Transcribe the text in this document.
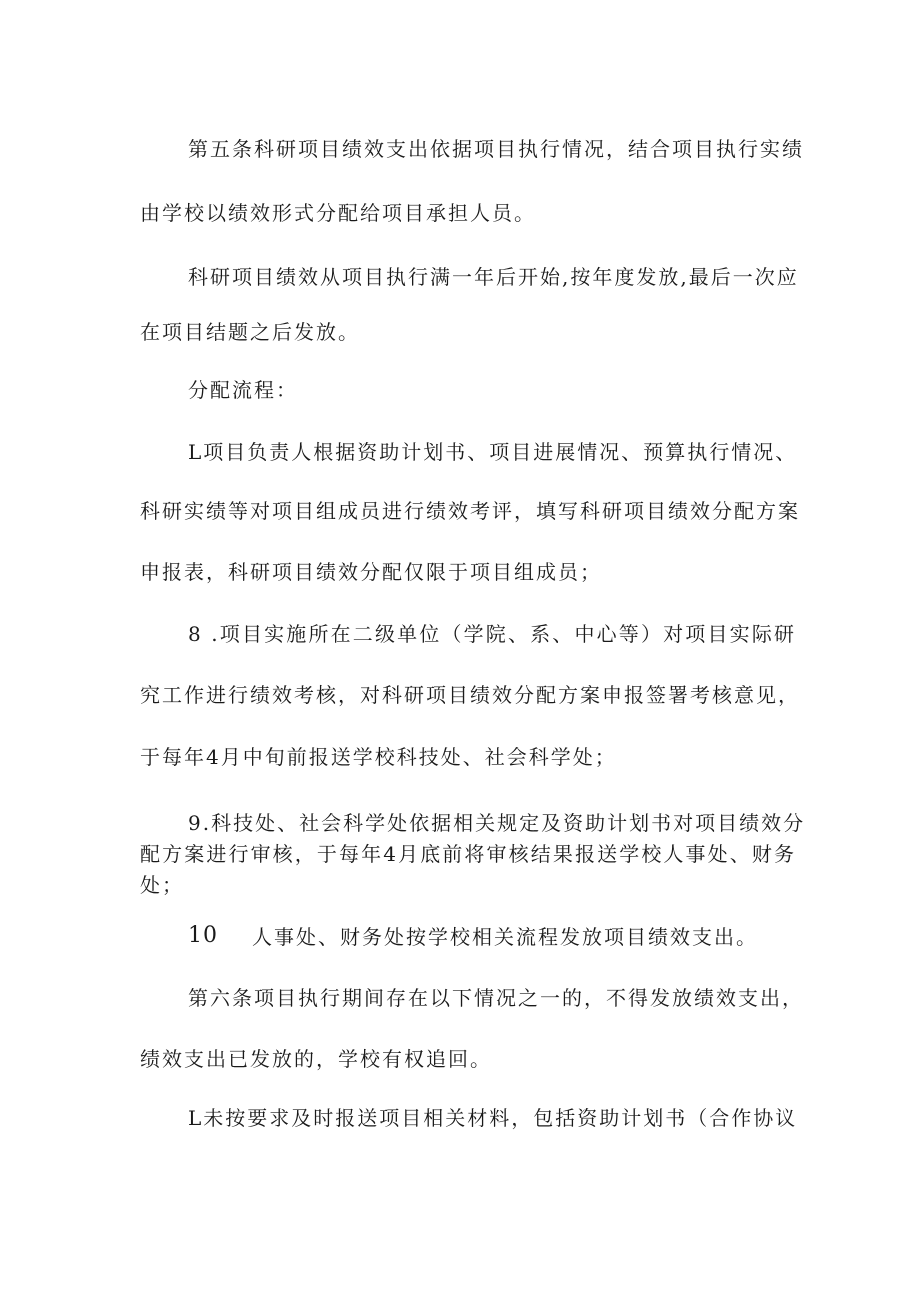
第五条科研项目绩效支出依据项目执行情况，结合项目执行实绩
由学校以绩效形式分配给项目承担人员。
科研项目绩效从项目执行满一年后开始,按年度发放,最后一次应
在项目结题之后发放。
分配流程：
L项目负责人根据资助计划书、项目进展情况、预算执行情况、
科研实绩等对项目组成员进行绩效考评，填写科研项目绩效分配方案
申报表，科研项目绩效分配仅限于项目组成员；
8 .项目实施所在二级单位（学院、系、中心等）对项目实际研
究工作进行绩效考核，对科研项目绩效分配方案申报签署考核意见，
于每年4月中旬前报送学校科技处、社会科学处；
9.科技处、社会科学处依据相关规定及资助计划书对项目绩效分
配方案进行审核，于每年4月底前将审核结果报送学校人事处、财务
处；
10	人事处、财务处按学校相关流程发放项目绩效支出。
第六条项目执行期间存在以下情况之一的，不得发放绩效支出，
绩效支出已发放的，学校有权追回。
L未按要求及时报送项目相关材料，包括资助计划书（合作协议
